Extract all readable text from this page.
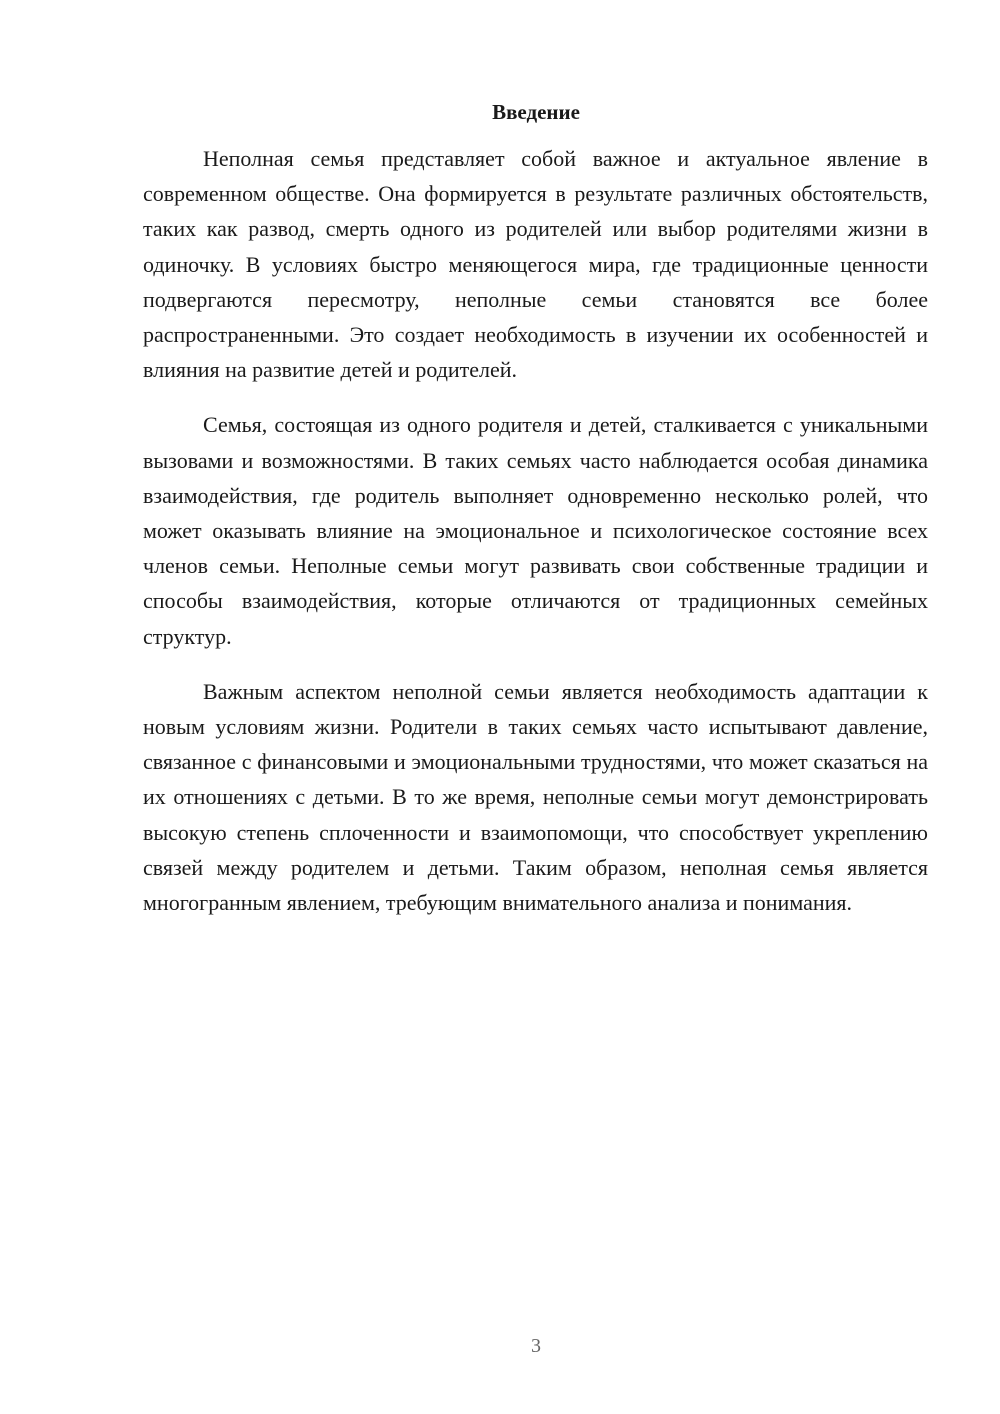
Введение

Неполная семья представляет собой важное и актуальное явление в современном обществе. Она формируется в результате различных обстоятельств, таких как развод, смерть одного из родителей или выбор родителями жизни в одиночку. В условиях быстро меняющегося мира, где традиционные ценности подвергаются пересмотру, неполные семьи становятся все более распространенными. Это создает необходимость в изучении их особенностей и влияния на развитие детей и родителей.

Семья, состоящая из одного родителя и детей, сталкивается с уникальными вызовами и возможностями. В таких семьях часто наблюдается особая динамика взаимодействия, где родитель выполняет одновременно несколько ролей, что может оказывать влияние на эмоциональное и психологическое состояние всех членов семьи. Неполные семьи могут развивать свои собственные традиции и способы взаимодействия, которые отличаются от традиционных семейных структур.

Важным аспектом неполной семьи является необходимость адаптации к новым условиям жизни. Родители в таких семьях часто испытывают давление, связанное с финансовыми и эмоциональными трудностями, что может сказаться на их отношениях с детьми. В то же время, неполные семьи могут демонстрировать высокую степень сплоченности и взаимопомощи, что способствует укреплению связей между родителем и детьми. Таким образом, неполная семья является многогранным явлением, требующим внимательного анализа и понимания.

3
